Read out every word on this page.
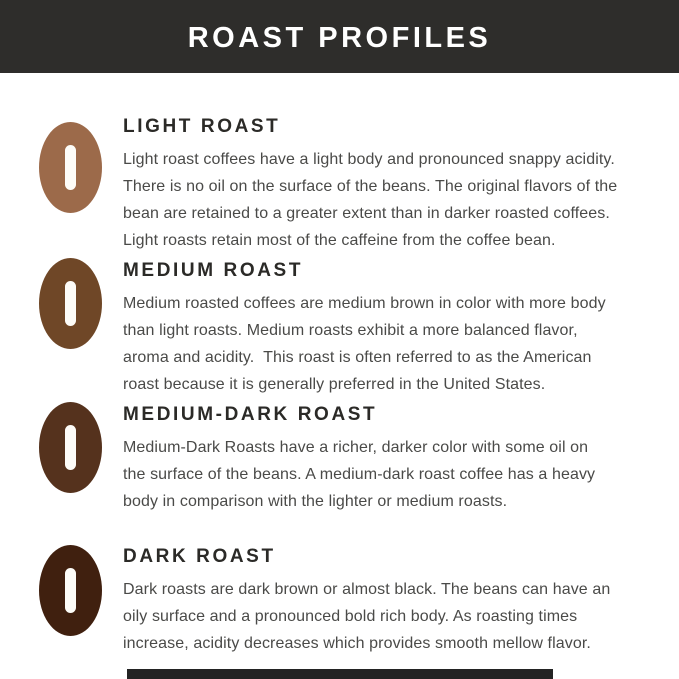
ROAST PROFILES
LIGHT ROAST
Light roast coffees have a light body and pronounced snappy acidity.
There is no oil on the surface of the beans. The original flavors of the
bean are retained to a greater extent than in darker roasted coffees.
Light roasts retain most of the caffeine from the coffee bean.
MEDIUM ROAST
Medium roasted coffees are medium brown in color with more body
than light roasts. Medium roasts exhibit a more balanced flavor,
aroma and acidity.  This roast is often referred to as the American
roast because it is generally preferred in the United States.
MEDIUM-DARK ROAST
Medium-Dark Roasts have a richer, darker color with some oil on
the surface of the beans. A medium-dark roast coffee has a heavy
body in comparison with the lighter or medium roasts.
DARK ROAST
Dark roasts are dark brown or almost black. The beans can have an
oily surface and a pronounced bold rich body. As roasting times
increase, acidity decreases which provides smooth mellow flavor.
